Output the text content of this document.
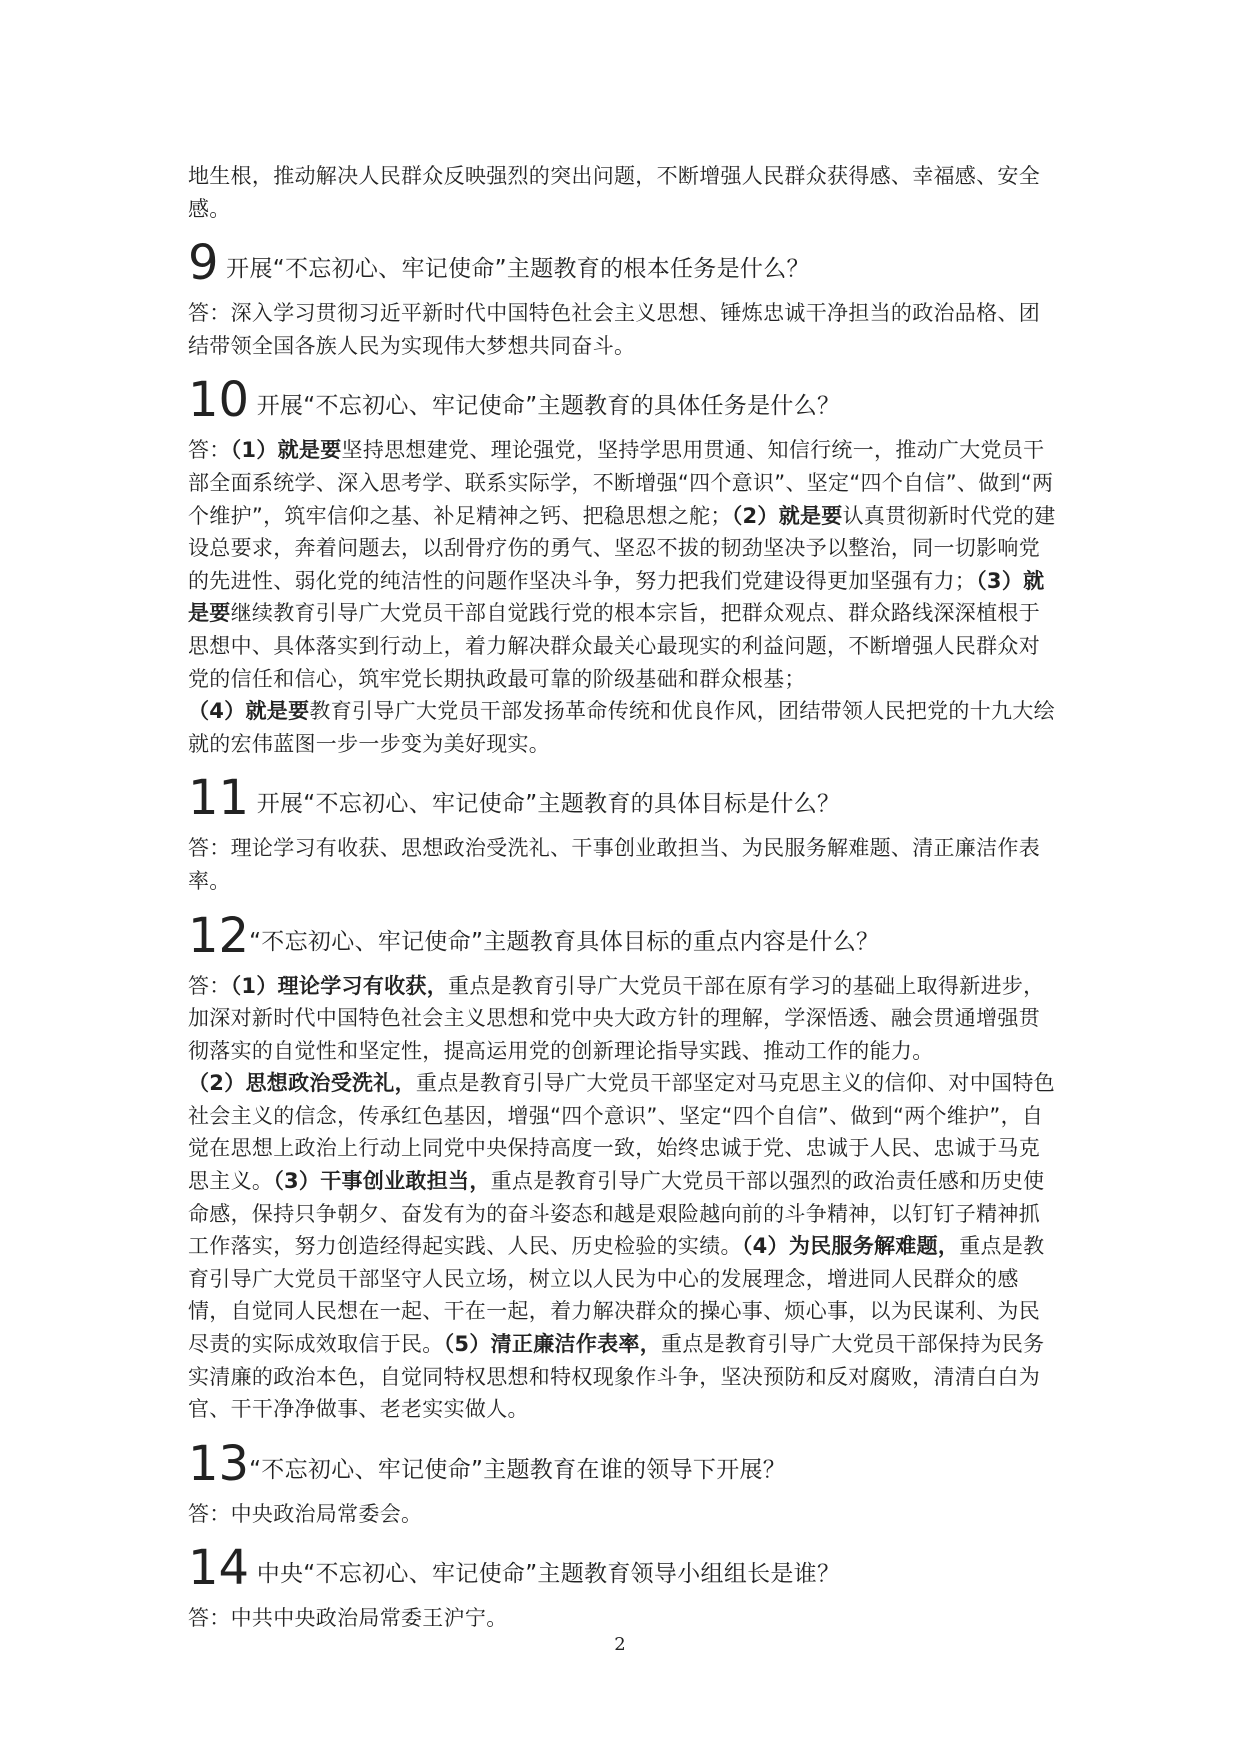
地生根，推动解决人民群众反映强烈的突出问题，不断增强人民群众获得感、幸福感、安全感。

9 开展“不忘初心、牢记使命”主题教育的根本任务是什么？

答：深入学习贯彻习近平新时代中国特色社会主义思想、锤炼忠诚干净担当的政治品格、团结带领全国各族人民为实现伟大梦想共同奋斗。

10 开展“不忘初心、牢记使命”主题教育的具体任务是什么？

答：（1）就是要坚持思想建党、理论强党，坚持学思用贯通、知信行统一，推动广大党员干部全面系统学、深入思考学、联系实际学，不断增强“四个意识”、坚定“四个自信”、做到“两个维护”，筑牢信仰之基、补足精神之钙、把稳思想之舵；（2）就是要认真贯彻新时代党的建设总要求，奔着问题去，以刮骨疗伤的勇气、坚忍不拔的韧劲坚决予以整治，同一切影响党的先进性、弱化党的纯洁性的问题作坚决斗争，努力把我们党建设得更加坚强有力；（3）就是要继续教育引导广大党员干部自觉践行党的根本宗旨，把群众观点、群众路线深深植根于思想中、具体落实到行动上，着力解决群众最关心最现实的利益问题，不断增强人民群众对党的信任和信心，筑牢党长期执政最可靠的阶级基础和群众根基；
（4）就是要教育引导广大党员干部发扬革命传统和优良作风，团结带领人民把党的十九大绘就的宏伟蓝图一步一步变为美好现实。

11 开展“不忘初心、牢记使命”主题教育的具体目标是什么？

答：理论学习有收获、思想政治受洗礼、干事创业敢担当、为民服务解难题、清正廉洁作表率。

12“不忘初心、牢记使命”主题教育具体目标的重点内容是什么？

答：（1）理论学习有收获，重点是教育引导广大党员干部在原有学习的基础上取得新进步，加深对新时代中国特色社会主义思想和党中央大政方针的理解，学深悟透、融会贯通增强贯彻落实的自觉性和坚定性，提高运用党的创新理论指导实践、推动工作的能力。
（2）思想政治受洗礼，重点是教育引导广大党员干部坚定对马克思主义的信仰、对中国特色社会主义的信念，传承红色基因，增强“四个意识”、坚定“四个自信”、做到“两个维护”，自觉在思想上政治上行动上同党中央保持高度一致，始终忠诚于党、忠诚于人民、忠诚于马克思主义。（3）干事创业敢担当，重点是教育引导广大党员干部以强烈的政治责任感和历史使命感，保持只争朝夕、奋发有为的奋斗姿态和越是艰险越向前的斗争精神，以钉钉子精神抓工作落实，努力创造经得起实践、人民、历史检验的实绩。（4）为民服务解难题，重点是教育引导广大党员干部坚守人民立场，树立以人民为中心的发展理念，增进同人民群众的感情，自觉同人民想在一起、干在一起，着力解决群众的操心事、烦心事，以为民谋利、为民尽责的实际成效取信于民。（5）清正廉洁作表率，重点是教育引导广大党员干部保持为民务实清廉的政治本色，自觉同特权思想和特权现象作斗争，坚决预防和反对腐败，清清白白为官、干干净净做事、老老实实做人。

13“不忘初心、牢记使命”主题教育在谁的领导下开展？

答：中央政治局常委会。

14 中央“不忘初心、牢记使命”主题教育领导小组组长是谁？

答：中共中央政治局常委王沪宁。

2
